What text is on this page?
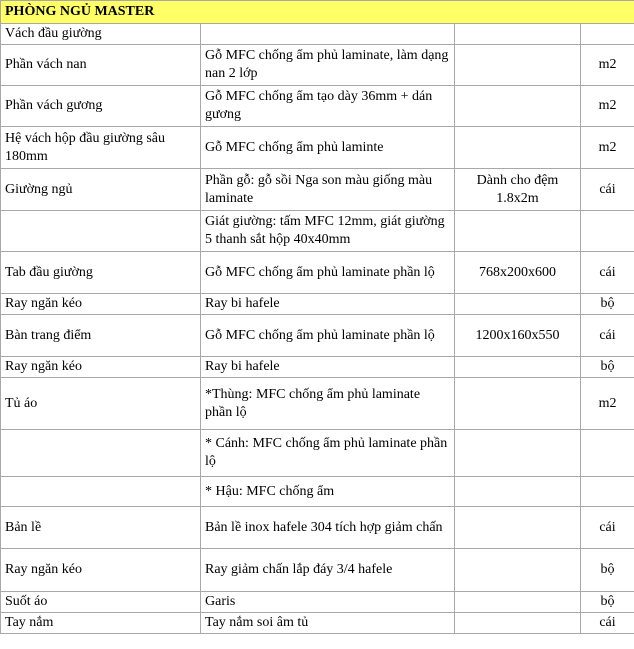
PHÒNG NGỦ MASTER			
Vách đầu giường			
Phần vách nan	Gỗ MFC chống ẩm phủ laminate, làm dạng nan 2 lớp		m2
Phần vách gương	Gỗ MFC chống ẩm tạo dày 36mm + dán gương		m2
Hệ vách hộp đầu giường sâu 180mm	Gỗ MFC chống ẩm phủ laminte		m2
Giường ngủ	Phần gỗ: gỗ sồi Nga son màu giống màu laminate	Dành cho đệm 1.8x2m	cái
	Giát giường: tấm MFC 12mm, giát giường 5 thanh sắt hộp 40x40mm		
Tab đầu giường	Gỗ MFC chống ẩm phủ laminate phần lộ	768x200x600	cái
Ray ngăn kéo	Ray bi hafele		bộ
Bàn trang điểm	Gỗ MFC chống ẩm phủ laminate phần lộ	1200x160x550	cái
Ray ngăn kéo	Ray bi hafele		bộ
Tủ áo	*Thùng: MFC chống ẩm phủ laminate phần lộ		m2
	* Cánh: MFC chống ẩm phủ laminate phần lộ		
	* Hậu: MFC chống ẩm		
Bản lề	Bản lề inox hafele 304 tích hợp giảm chấn		cái
Ray ngăn kéo	Ray giảm chấn lắp đáy 3/4 hafele		bộ
Suốt áo	Garis		bộ
Tay nắm	Tay nắm soi âm tủ		cái
